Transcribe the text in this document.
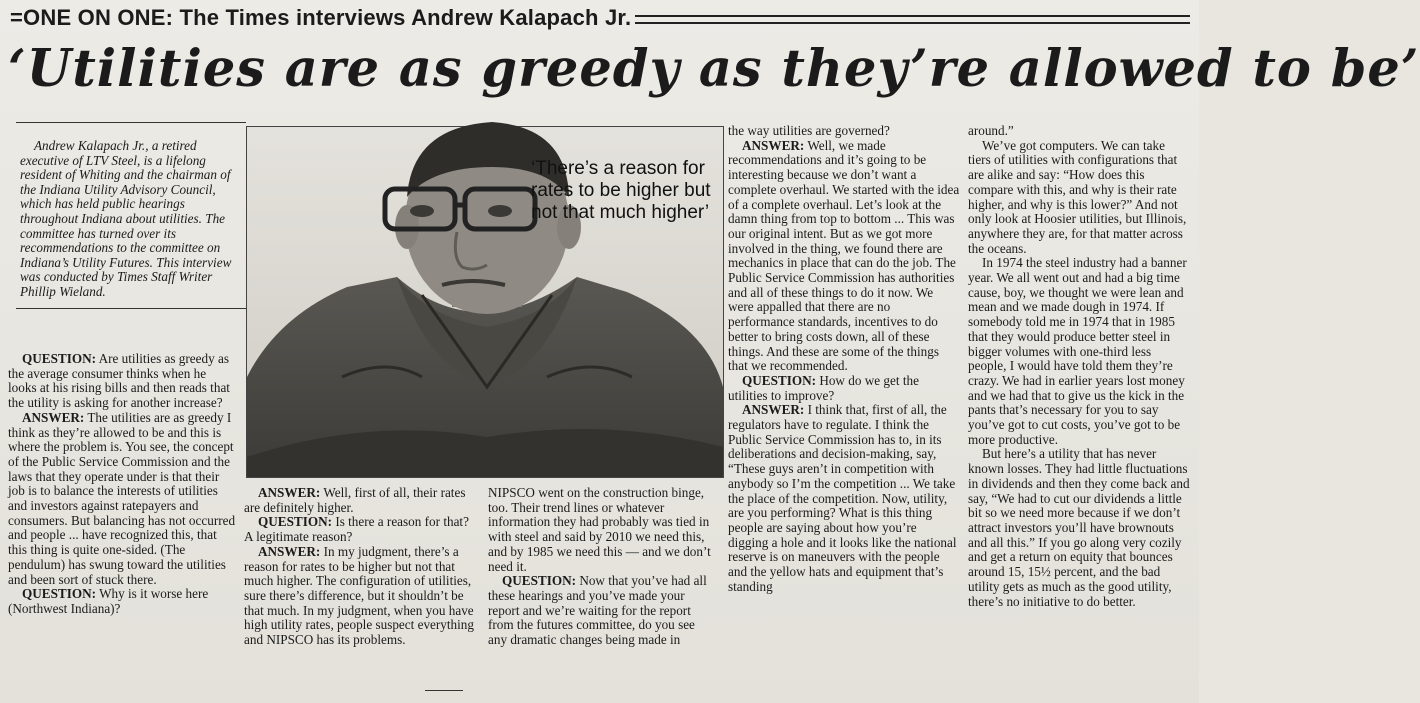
=ONE ON ONE: The Times interviews Andrew Kalapach Jr.
‘Utilities are as greedy as they’re allowed to be’

Andrew Kalapach Jr., a retired executive of LTV Steel, is a lifelong resident of Whiting and the chairman of the Indiana Utility Advisory Council, which has held public hearings throughout Indiana about utilities. The committee has turned over its recommendations to the committee on Indiana’s Utility Futures. This interview was conducted by Times Staff Writer Phillip Wieland.

‘There’s a reason for rates to be higher but not that much higher’

QUESTION: Are utilities as greedy as the average consumer thinks when he looks at his rising bills and then reads that the utility is asking for another increase?

ANSWER: The utilities are as greedy I think as they’re allowed to be and this is where the problem is. You see, the concept of the Public Service Commission and the laws that they operate under is that their job is to balance the interests of utilities and investors against ratepayers and consumers. But balancing has not occurred and people ... have recognized this, that this thing is quite one-sided. (The pendulum) has swung toward the utilities and been sort of stuck there.

QUESTION: Why is it worse here (Northwest Indiana)?

ANSWER: Well, first of all, their rates are definitely higher.

QUESTION: Is there a reason for that? A legitimate reason?

ANSWER: In my judgment, there’s a reason for rates to be higher but not that much higher. The configuration of utilities, sure there’s difference, but it shouldn’t be that much. In my judgment, when you have high utility rates, people suspect everything and NIPSCO has its problems.

NIPSCO went on the construction binge, too. Their trend lines or whatever information they had probably was tied in with steel and said by 2010 we need this, and by 1985 we need this — and we don’t need it.

QUESTION: Now that you’ve had all these hearings and you’ve made your report and we’re waiting for the report from the futures committee, do you see any dramatic changes being made in

the way utilities are governed?

ANSWER: Well, we made recommendations and it’s going to be interesting because we don’t want a complete overhaul. We started with the idea of a complete overhaul. Let’s look at the damn thing from top to bottom ... This was our original intent. But as we got more involved in the thing, we found there are mechanics in place that can do the job. The Public Service Commission has authorities and all of these things to do it now. We were appalled that there are no performance standards, incentives to do better to bring costs down, all of these things. And these are some of the things that we recommended.

QUESTION: How do we get the utilities to improve?

ANSWER: I think that, first of all, the regulators have to regulate. I think the Public Service Commission has to, in its deliberations and decision-making, say, “These guys aren’t in competition with anybody so I’m the competition ... We take the place of the competition. Now, utility, are you performing? What is this thing people are saying about how you’re digging a hole and it looks like the national reserve is on maneuvers with the people and the yellow hats and equipment that’s standing

around.”

We’ve got computers. We can take tiers of utilities with configurations that are alike and say: “How does this compare with this, and why is their rate higher, and why is this lower?” And not only look at Hoosier utilities, but Illinois, anywhere they are, for that matter across the oceans.

In 1974 the steel industry had a banner year. We all went out and had a big time cause, boy, we thought we were lean and mean and we made dough in 1974. If somebody told me in 1974 that in 1985 that they would produce better steel in bigger volumes with one-third less people, I would have told them they’re crazy. We had in earlier years lost money and we had that to give us the kick in the pants that’s necessary for you to say you’ve got to cut costs, you’ve got to be more productive.

But here’s a utility that has never known losses. They had little fluctuations in dividends and then they come back and say, “We had to cut our dividends a little bit so we need more because if we don’t attract investors you’ll have brownouts and all this.” If you go along very cozily and get a return on equity that bounces around 15, 15½ percent, and the bad utility gets as much as the good utility, there’s no initiative to do better.
